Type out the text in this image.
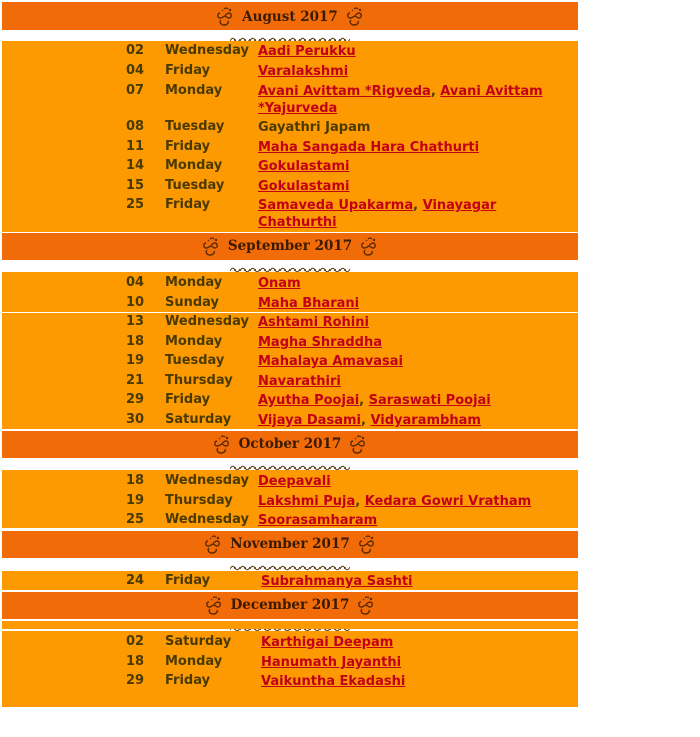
August 2017
02	Wednesday Aadi Perukku
04	Friday	Varalakshmi
07	Monday	Avani Avittam *Rigveda, Avani Avittam *Yajurveda
08	Tuesday	Gayathri Japam
11	Friday	Maha Sangada Hara Chathurti
14	Monday	Gokulastami
15	Tuesday	Gokulastami
25	Friday	Samaveda Upakarma, Vinayagar Chathurthi
September 2017
04	Monday	Onam
10	Sunday	Maha Bharani
13	Wednesday Ashtami Rohini
18	Monday	Magha Shraddha
19	Tuesday	Mahalaya Amavasai
21	Thursday Navarathiri
29	Friday	Ayutha Poojai, Saraswati Poojai
30	Saturday Vijaya Dasami, Vidyarambham
October 2017
18	Wednesday Deepavali
19	Thursday Lakshmi Puja, Kedara Gowri Vratham
25	Wednesday Soorasamharam
November 2017
24	Friday	Subrahmanya Sashti
December 2017
02	Saturday Karthigai Deepam
18	Monday	Hanumath Jayanthi
29	Friday	Vaikuntha Ekadashi
